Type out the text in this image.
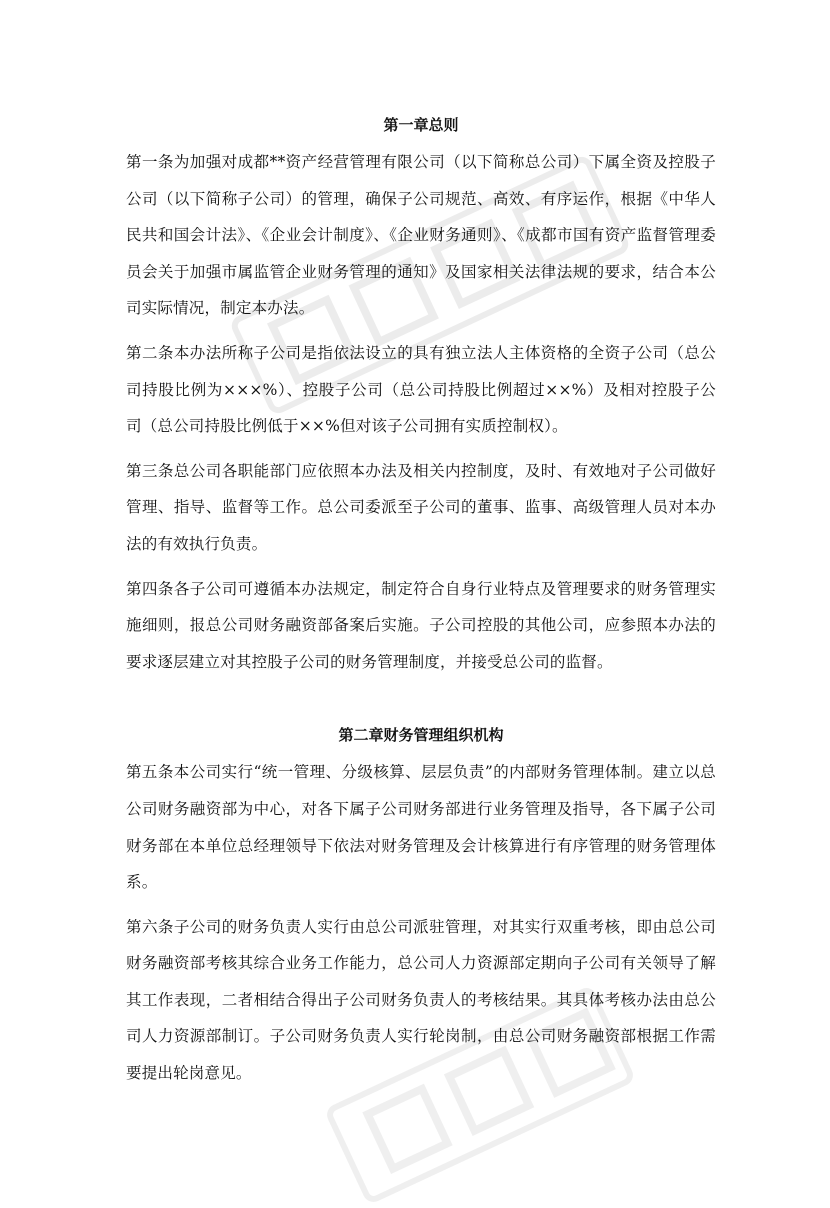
第一章总则

第一条为加强对成都**资产经营管理有限公司（以下简称总公司）下属全资及控股子公司（以下简称子公司）的管理，确保子公司规范、高效、有序运作，根据《中华人民共和国会计法》、《企业会计制度》、《企业财务通则》、《成都市国有资产监督管理委员会关于加强市属监管企业财务管理的通知》及国家相关法律法规的要求，结合本公司实际情况，制定本办法。

第二条本办法所称子公司是指依法设立的具有独立法人主体资格的全资子公司（总公司持股比例为×××%）、控股子公司（总公司持股比例超过××%）及相对控股子公司（总公司持股比例低于××%但对该子公司拥有实质控制权）。

第三条总公司各职能部门应依照本办法及相关内控制度，及时、有效地对子公司做好管理、指导、监督等工作。总公司委派至子公司的董事、监事、高级管理人员对本办法的有效执行负责。

第四条各子公司可遵循本办法规定，制定符合自身行业特点及管理要求的财务管理实施细则，报总公司财务融资部备案后实施。子公司控股的其他公司，应参照本办法的要求逐层建立对其控股子公司的财务管理制度，并接受总公司的监督。

第二章财务管理组织机构

第五条本公司实行“统一管理、分级核算、层层负责”的内部财务管理体制。建立以总公司财务融资部为中心，对各下属子公司财务部进行业务管理及指导，各下属子公司财务部在本单位总经理领导下依法对财务管理及会计核算进行有序管理的财务管理体系。

第六条子公司的财务负责人实行由总公司派驻管理，对其实行双重考核，即由总公司财务融资部考核其综合业务工作能力，总公司人力资源部定期向子公司有关领导了解其工作表现，二者相结合得出子公司财务负责人的考核结果。其具体考核办法由总公司人力资源部制订。子公司财务负责人实行轮岗制，由总公司财务融资部根据工作需要提出轮岗意见。
